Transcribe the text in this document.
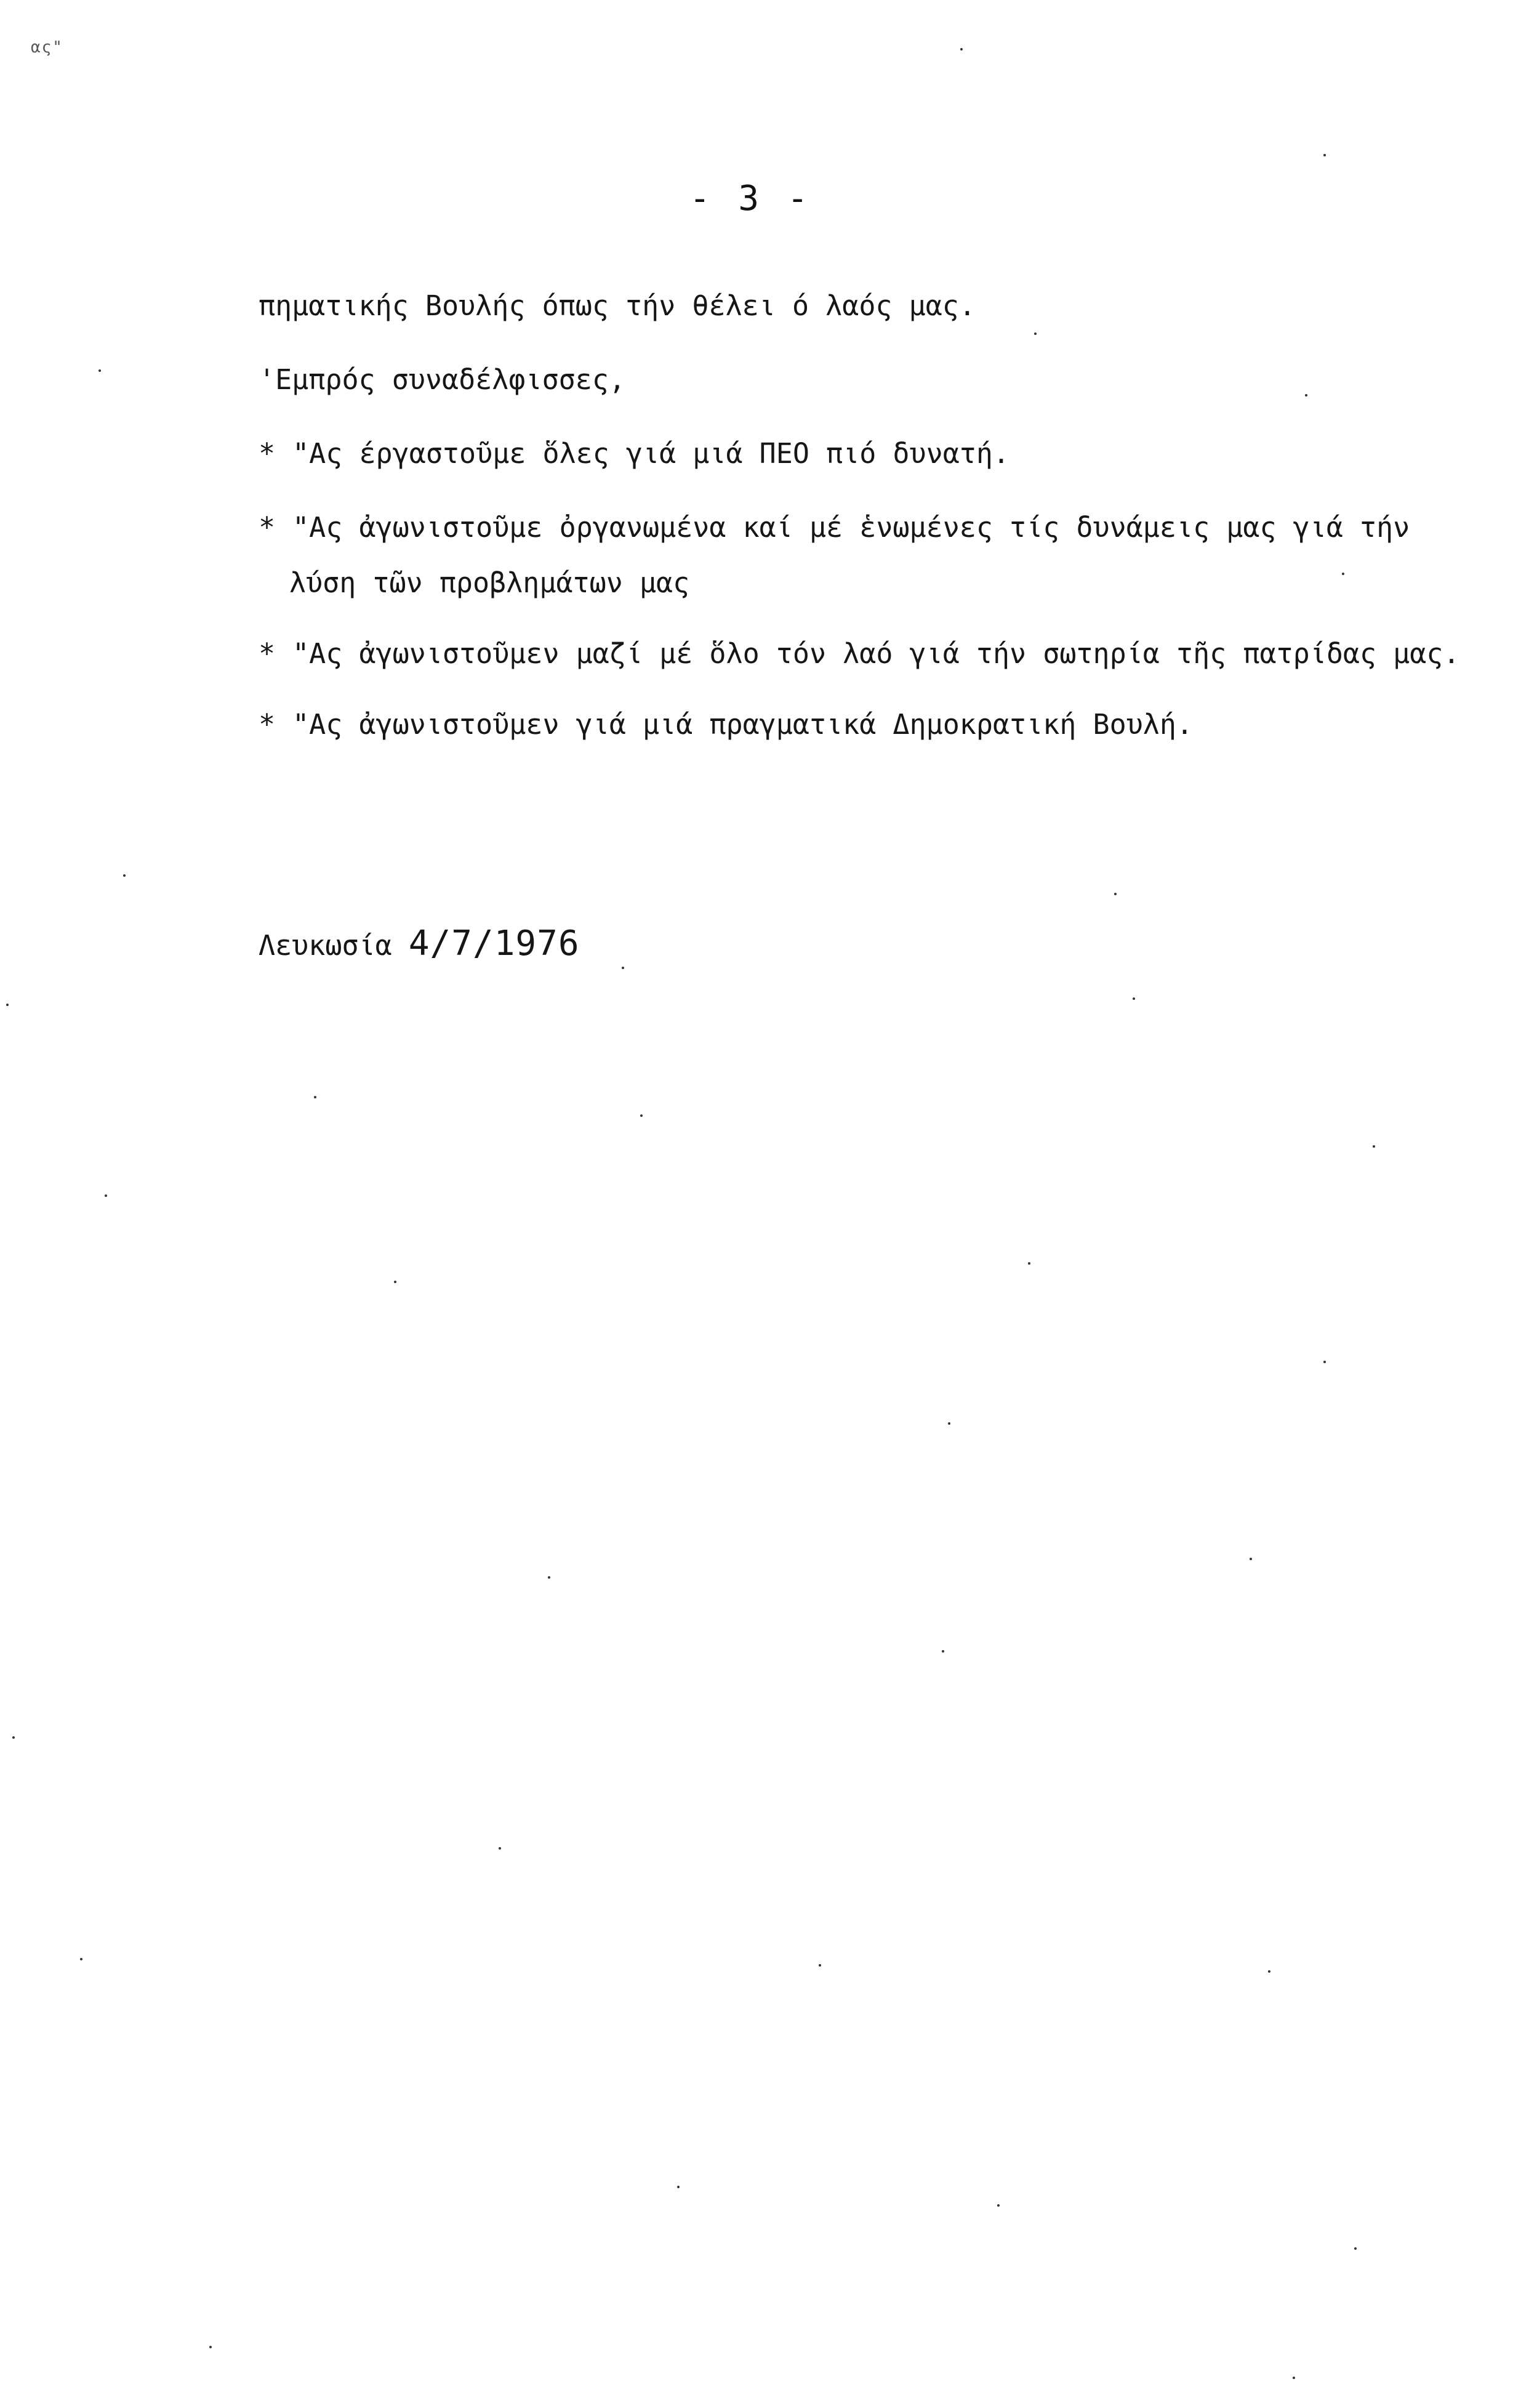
ας"
- 3 -
πηματικής Βουλής όπως τήν θέλει ό λαός μας.
'Εμπρός συναδέλφισσες,
* "Ας έργαστοῦμε ὅλες γιά μιά ΠΕΟ πιό δυνατή.
* "Ας ἀγωνιστοῦμε ὀργανωμένα καί μέ ἑνωμένες τίς δυνάμεις μας γιά τήν
λύση τῶν προβλημάτων μας
* "Ας ἀγωνιστοῦμεν μαζί μέ ὅλο τόν λαό γιά τήν σωτηρία τῆς πατρίδας μας.
* "Ας ἀγωνιστοῦμεν γιά μιά πραγματικά Δημοκρατική Βουλή.
Λευκωσία 4/7/1976
